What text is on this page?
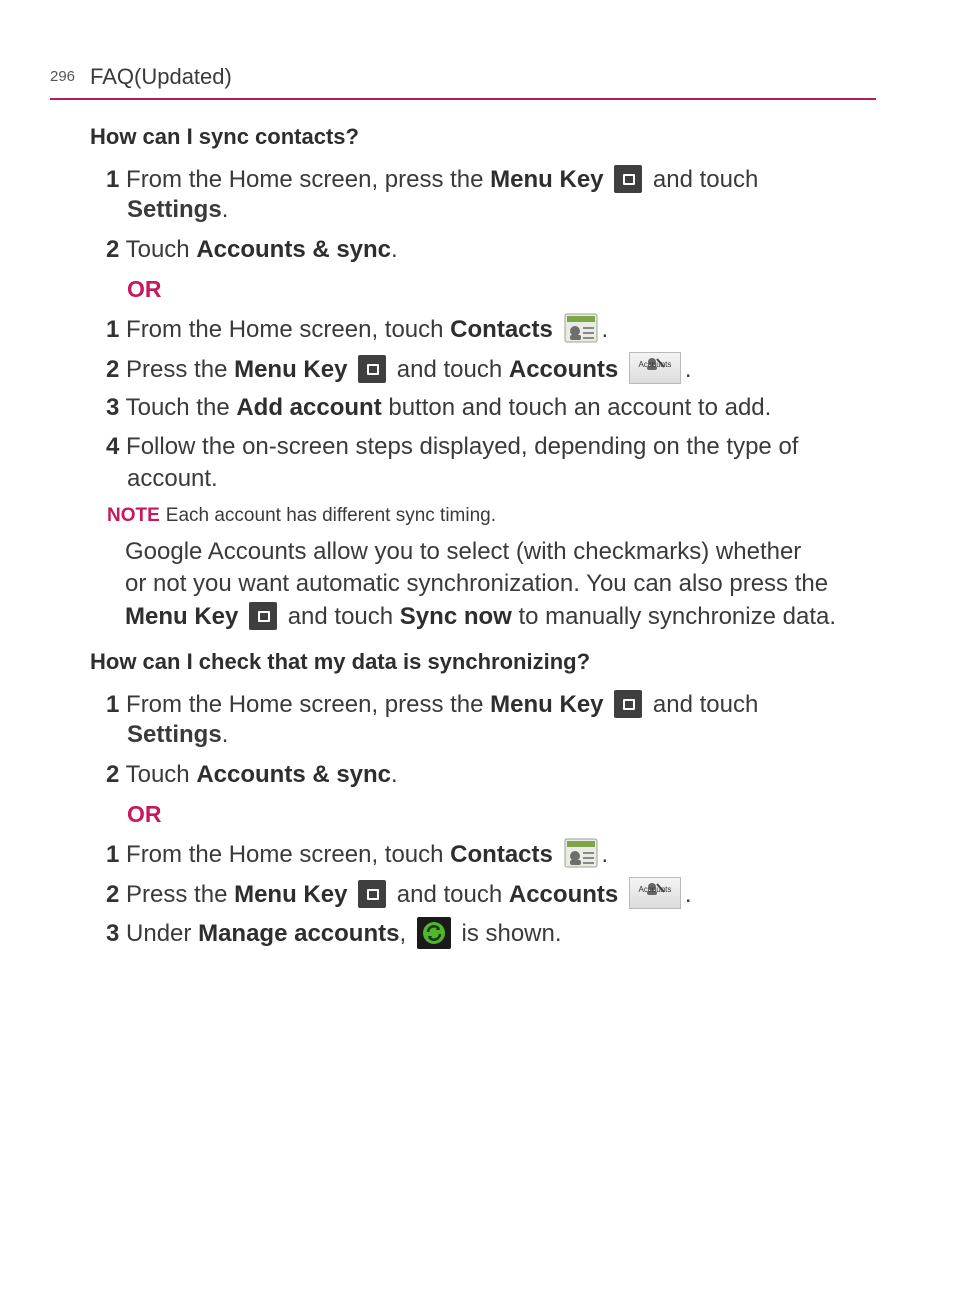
296 FAQ(Updated)
How can I sync contacts?
1 From the Home screen, press the Menu Key  and touch
Settings.
2 Touch Accounts & sync.
OR
1 From the Home screen, touch Contacts .
2 Press the Menu Key  and touch Accounts	Accounts .
3 Touch the Add account button and touch an account to add.
4 Follow the on-screen steps displayed, depending on the type of
account.
NOTE Each account has different sync timing.
Google Accounts allow you to select (with checkmarks) whether
or not you want automatic synchronization. You can also press the
Menu Key  and touch Sync now to manually synchronize data.
How can I check that my data is synchronizing?
1 From the Home screen, press the Menu Key  and touch
Settings.
2 Touch Accounts & sync.
OR
1 From the Home screen, touch Contacts .
2 Press the Menu Key  and touch Accounts	Accounts .
3 Under Manage accounts,  is shown.
